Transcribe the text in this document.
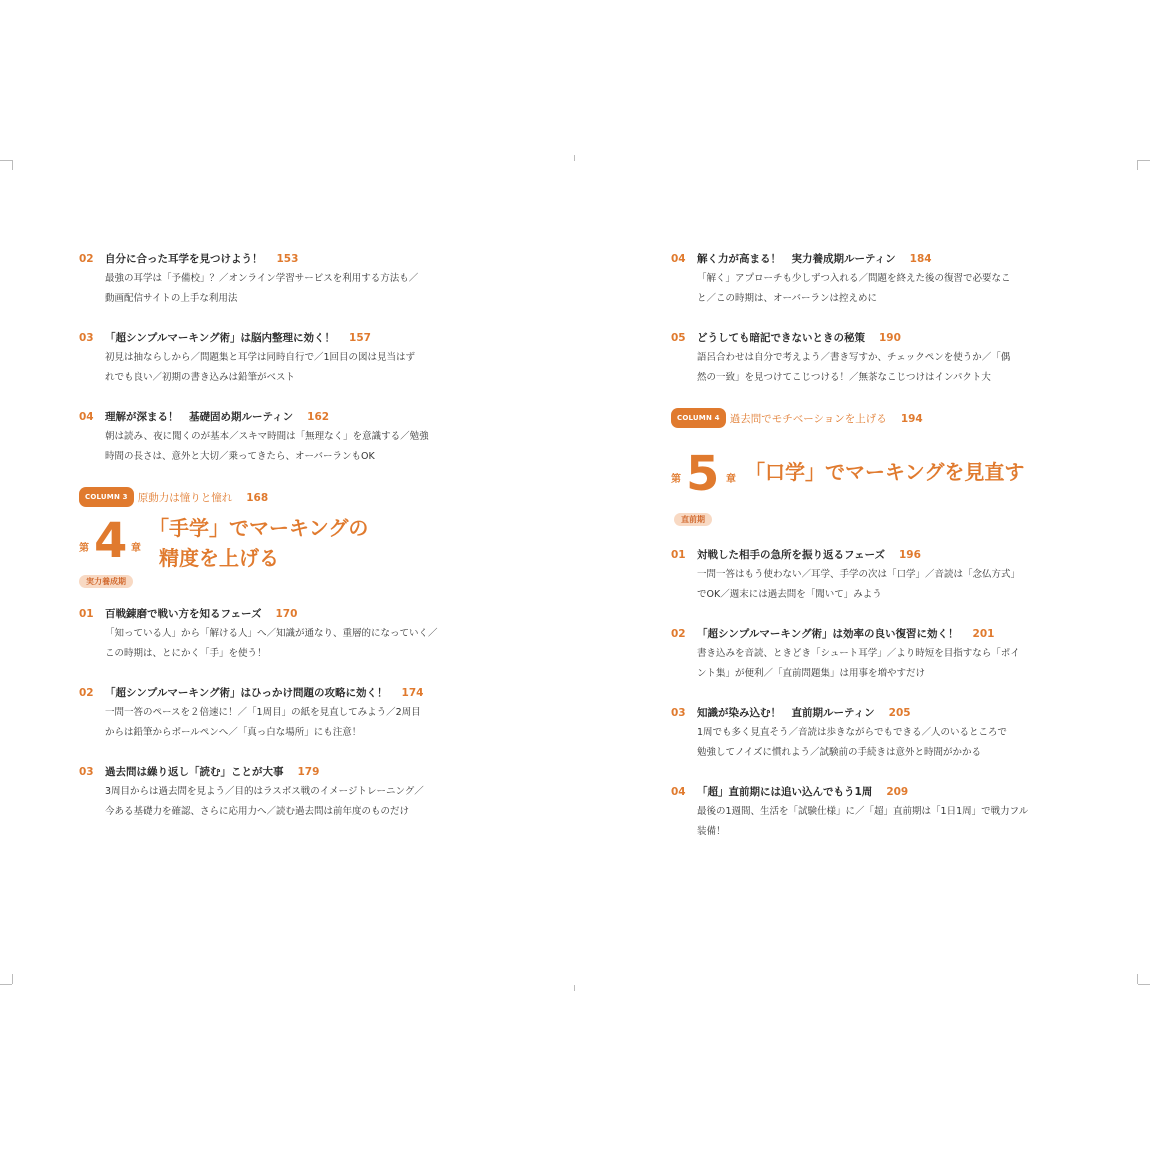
02 自分に合った耳学を見つけよう！ 153
最強の耳学は「予備校」？／オンライン学習サービスを利用する方法も／
動画配信サイトの上手な利用法
03 「超シンプルマーキング術」は脳内整理に効く！ 157
初見は抽ならしから／問題集と耳学は同時自行で／1回目の図は見当はず
れでも良い／初期の書き込みは鉛筆がベスト
04 理解が深まる！　基礎固め期ルーティン 162
朝は読み、夜に聞くのが基本／スキマ時間は「無理なく」を意識する／勉強
時間の長さは、意外と大切／乗ってきたら、オーバーランもOK
COLUMN 3 原動力は憧りと憧れ 168
第 4 章
「手学」でマーキングの
精度を上げる
実力養成期
01 百戦錬磨で戦い方を知るフェーズ 170
「知っている人」から「解ける人」へ／知識が通なり、重層的になっていく／
この時期は、とにかく「手」を使う！
02 「超シンプルマーキング術」はひっかけ問題の攻略に効く！ 174
一問一答のペースを２倍速に！／「1周目」の紙を見直してみよう／2周目
からは鉛筆からボールペンへ／「真っ白な場所」にも注意！
03 過去問は繰り返し「読む」ことが大事 179
3周目からは過去問を見よう／目的はラスボス戦のイメージトレーニング／
今ある基礎力を確認、さらに応用力へ／読む過去問は前年度のものだけ
04 解く力が高まる！　実力養成期ルーティン 184
「解く」アプローチも少しずつ入れる／問題を終えた後の復習で必要なこ
と／この時期は、オーバーランは控えめに
05 どうしても暗記できないときの秘策 190
語呂合わせは自分で考えよう／書き写すか、チェックペンを使うか／「偶
然の一致」を見つけてこじつける！／無茶なこじつけはインパクト大
COLUMN 4 過去問でモチベーションを上げる 194
第 5 章 「口学」でマーキングを見直す
直前期
01 対戦した相手の急所を振り返るフェーズ 196
一問一答はもう使わない／耳学、手学の次は「口学」／音読は「念仏方式」
でOK／週末には過去問を「聞いて」みよう
02 「超シンプルマーキング術」は効率の良い復習に効く！ 201
書き込みを音読、ときどき「シュート耳学」／より時短を目指すなら「ポイ
ント集」が便利／「直前問題集」は用事を増やすだけ
03 知識が染み込む！　直前期ルーティン 205
1周でも多く見直そう／音読は歩きながらでもできる／人のいるところで
勉強してノイズに慣れよう／試験前の手続きは意外と時間がかかる
04 「超」直前期には追い込んでもう1周 209
最後の1週間、生活を「試験仕様」に／「超」直前期は「1日1周」で戦力フル
装備！
